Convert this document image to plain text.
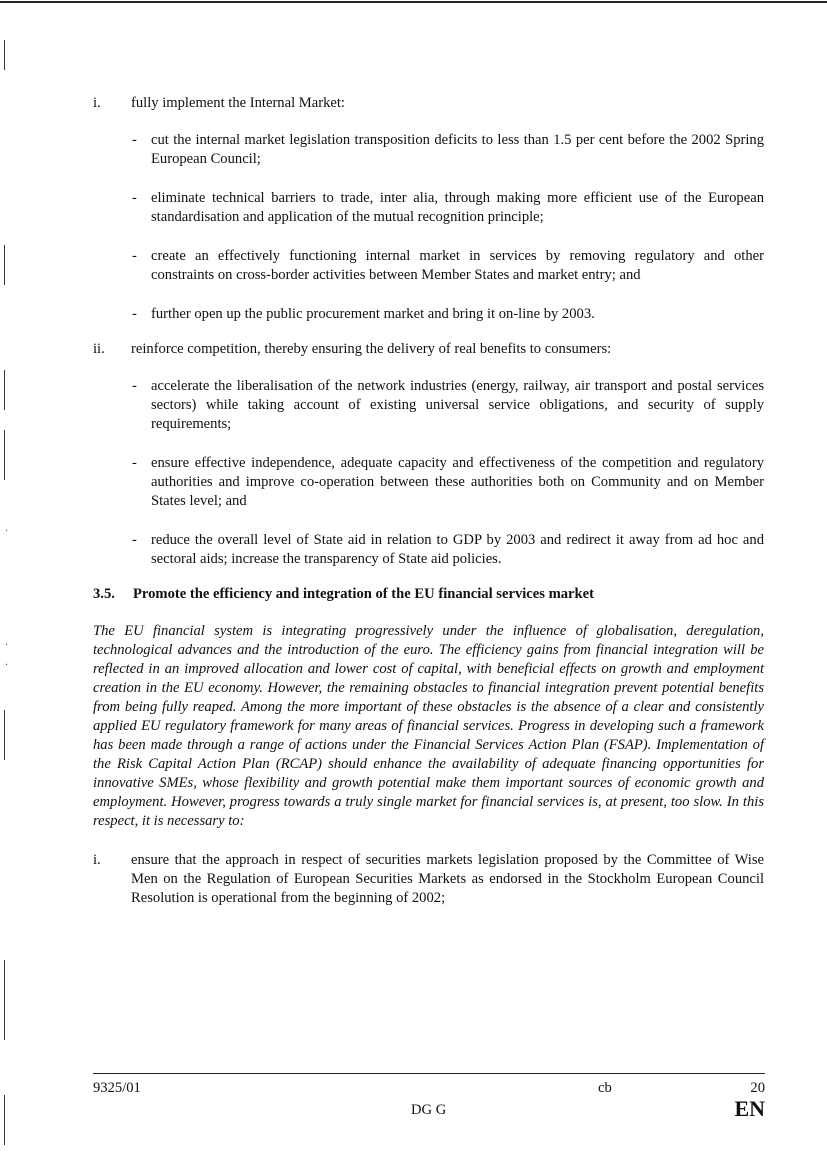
·
·
·
i. fully implement the Internal Market:
- cut the internal market legislation transposition deficits to less than 1.5 per cent before the 2002 Spring European Council;
- eliminate technical barriers to trade, inter alia, through making more efficient use of the European standardisation and application of the mutual recognition principle;
- create an effectively functioning internal market in services by removing regulatory and other constraints on cross-border activities between Member States and market entry; and
- further open up the public procurement market and bring it on-line by 2003.
ii. reinforce competition, thereby ensuring the delivery of real benefits to consumers:
- accelerate the liberalisation of the network industries (energy, railway, air transport and postal services sectors) while taking account of existing universal service obligations, and security of supply requirements;
- ensure effective independence, adequate capacity and effectiveness of the competition and regulatory authorities and improve co-operation between these authorities both on Community and on Member States level; and
- reduce the overall level of State aid in relation to GDP by 2003 and redirect it away from ad hoc and sectoral aids; increase the transparency of State aid policies.
3.5.	Promote the efficiency and integration of the EU financial services market

The EU financial system is integrating progressively under the influence of globalisation, deregulation, technological advances and the introduction of the euro. The efficiency gains from financial integration will be reflected in an improved allocation and lower cost of capital, with beneficial effects on growth and employment creation in the EU economy. However, the remaining obstacles to financial integration prevent potential benefits from being fully reaped. Among the more important of these obstacles is the absence of a clear and consistently applied EU regulatory framework for many areas of financial services. Progress in developing such a framework has been made through a range of actions under the Financial Services Action Plan (FSAP). Implementation of the Risk Capital Action Plan (RCAP) should enhance the availability of adequate financing opportunities for innovative SMEs, whose flexibility and growth potential make them important sources of economic growth and employment. However, progress towards a truly single market for financial services is, at present, too slow. In this respect, it is necessary to:

i. ensure that the approach in respect of securities markets legislation proposed by the Committee of Wise Men on the Regulation of European Securities Markets as endorsed in the Stockholm European Council Resolution is operational from the beginning of 2002;
9325/01	cb	20
DG G	EN
